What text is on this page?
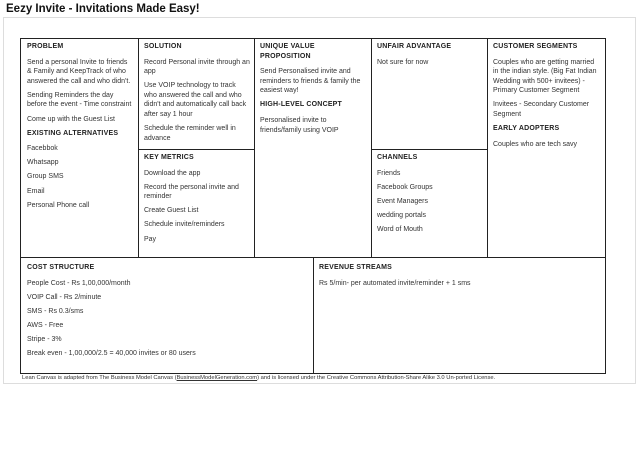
Eezy Invite - Invitations Made Easy!
PROBLEM
Send a personal Invite to friends & Family and KeepTrack of who answered the call and who didn't.
Sending Reminders the day before the event - Time constraint
Come up with the Guest List
EXISTING ALTERNATIVES
Facebbok
Whatsapp
Group SMS
Email
Personal Phone call
SOLUTION
Record Personal invite through an app
Use VOIP technology to track who answered the call and who didn't and automatically call back after say 1 hour
Schedule the reminder well in advance
KEY METRICS
Download the app
Record the personal invite and reminder
Create Guest List
Schedule invite/reminders
Pay
UNIQUE VALUE PROPOSITION
Send Personalised invite and reminders to friends & family the easiest way!
HIGH-LEVEL CONCEPT
Personalised invite to friends/family using VOIP
UNFAIR ADVANTAGE
Not sure for now
CHANNELS
Friends
Facebook Groups
Event Managers
wedding portals
Word of Mouth
CUSTOMER SEGMENTS
Couples who are getting married in the indian style. (Big Fat Indian Wedding with 500+ invitees) - Primary Customer Segment
Invitees - Secondary Customer Segment
EARLY ADOPTERS
Couples who are tech savy
COST STRUCTURE
People Cost - Rs 1,00,000/month
VOIP Call - Rs 2/minute
SMS - Rs 0.3/sms
AWS - Free
Stripe - 3%
Break even - 1,00,000/2.5 = 40,000 invites or 80 users
REVENUE STREAMS
Rs 5/min- per automated invite/reminder + 1 sms
Lean Canvas is adapted from The Business Model Canvas (BusinessModelGeneration.com) and is licensed under the Creative Commons Attribution-Share Alike 3.0 Un-ported License.
